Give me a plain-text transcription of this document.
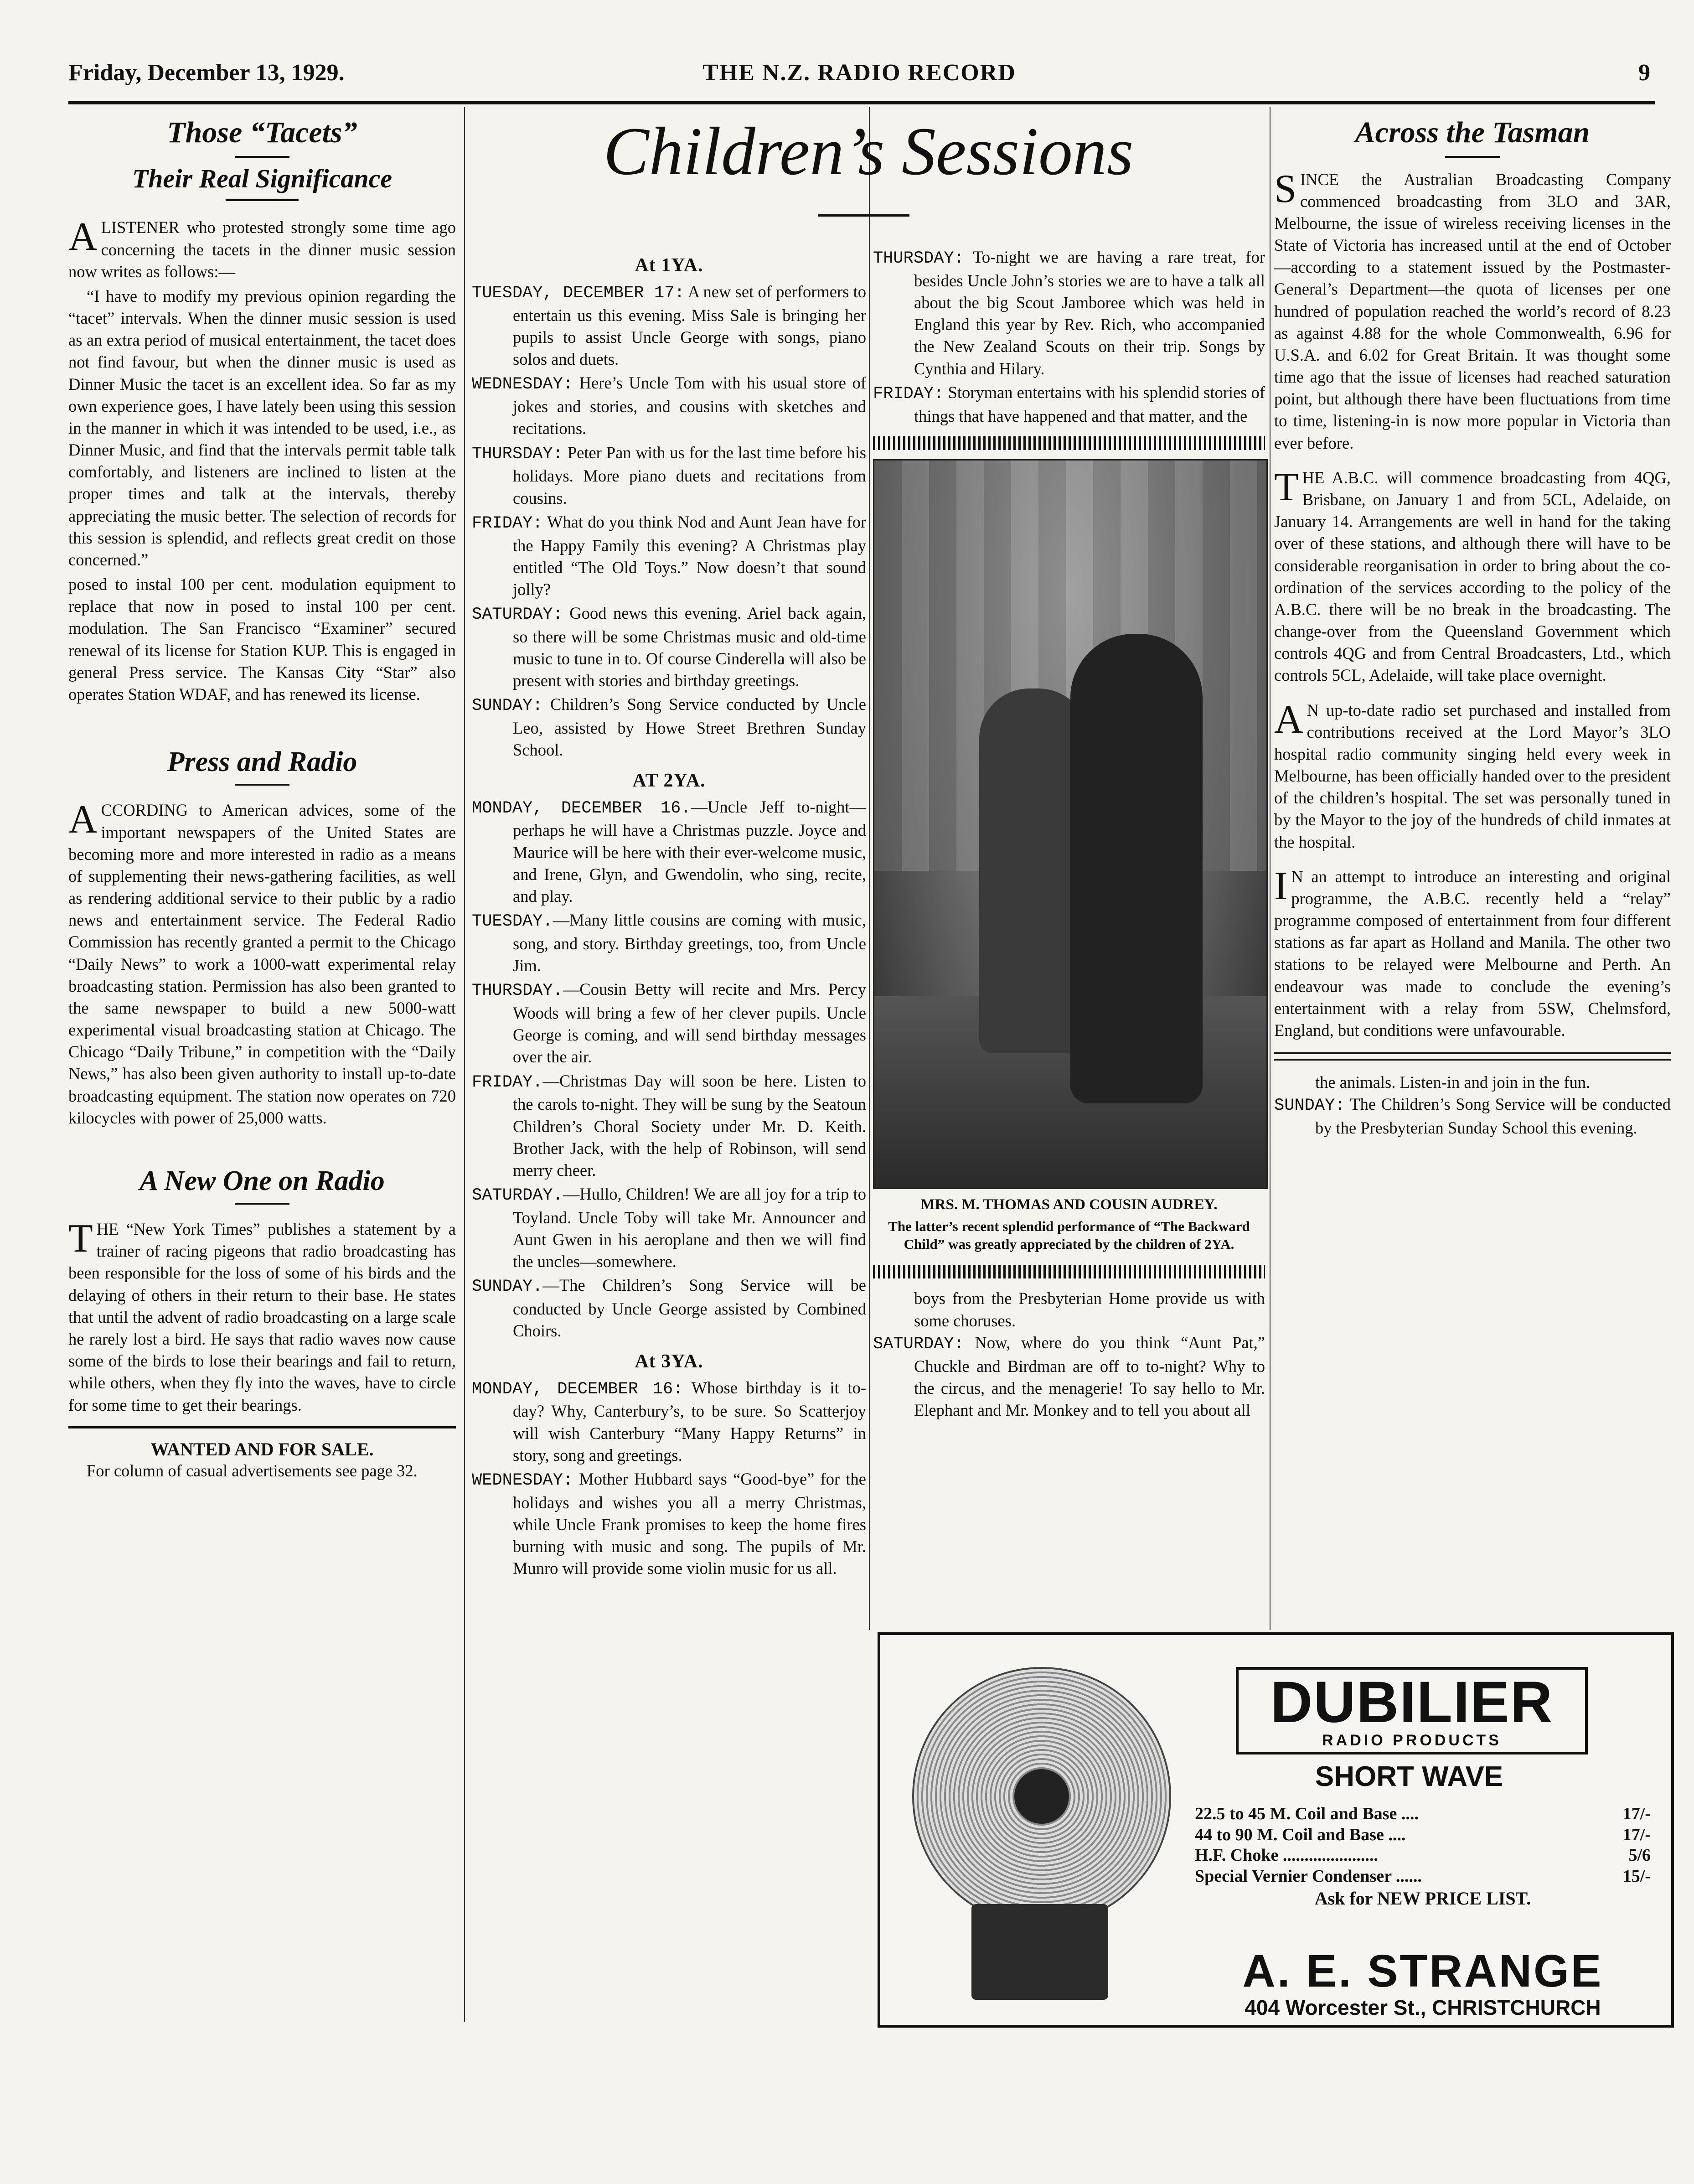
Friday, December 13, 1929.	THE N.Z. RADIO RECORD	9
Those “Tacets”
Their Real Significance

ALISTENER who protested strongly some time ago concerning the tacets in the dinner music session now writes as follows:—

“I have to modify my previous opinion regarding the “tacet” intervals. When the dinner music session is used as an extra period of musical entertainment, the tacet does not find favour, but when the dinner music is used as Dinner Music the tacet is an excellent idea. So far as my own experience goes, I have lately been using this session in the manner in which it was intended to be used, i.e., as Dinner Music, and find that the intervals permit table talk comfortably, and listeners are inclined to listen at the proper times and talk at the intervals, thereby appreciating the music better. The selection of records for this session is splendid, and reflects great credit on those concerned.”

posed to instal 100 per cent. modulation equipment to replace that now in posed to instal 100 per cent. modulation. The San Francisco “Examiner” secured renewal of its license for Station KUP. This is engaged in general Press service. The Kansas City “Star” also operates Station WDAF, and has renewed its license.

Press and Radio

ACCORDING to American advices, some of the important newspapers of the United States are becoming more and more interested in radio as a means of supplementing their news-gathering facilities, as well as rendering additional service to their public by a radio news and entertainment service. The Federal Radio Commission has recently granted a permit to the Chicago “Daily News” to work a 1000-watt experimental relay broadcasting station. Permission has also been granted to the same newspaper to build a new 5000-watt experimental visual broadcasting station at Chicago. The Chicago “Daily Tribune,” in competition with the “Daily News,” has also been given authority to install up-to-date broadcasting equipment. The station now operates on 720 kilocycles with power of 25,000 watts.

A New One on Radio

THE “New York Times” publishes a statement by a trainer of racing pigeons that radio broadcasting has been responsible for the loss of some of his birds and the delaying of others in their return to their base. He states that until the advent of radio broadcasting on a large scale he rarely lost a bird. He says that radio waves now cause some of the birds to lose their bearings and fail to return, while others, when they fly into the waves, have to circle for some time to get their bearings.

WANTED AND FOR SALE.

For column of casual advertisements see page 32.

Children’s Sessions
At 1YA.

TUESDAY, DECEMBER 17: A new set of performers to entertain us this evening. Miss Sale is bringing her pupils to assist Uncle George with songs, piano solos and duets.

WEDNESDAY: Here’s Uncle Tom with his usual store of jokes and stories, and cousins with sketches and recitations.

THURSDAY: Peter Pan with us for the last time before his holidays. More piano duets and recitations from cousins.

FRIDAY: What do you think Nod and Aunt Jean have for the Happy Family this evening? A Christmas play entitled “The Old Toys.” Now doesn’t that sound jolly?

SATURDAY: Good news this evening. Ariel back again, so there will be some Christmas music and old-time music to tune in to. Of course Cinderella will also be present with stories and birthday greetings.

SUNDAY: Children’s Song Service conducted by Uncle Leo, assisted by Howe Street Brethren Sunday School.

AT 2YA.

MONDAY, DECEMBER 16.—Uncle Jeff to-night—perhaps he will have a Christmas puzzle. Joyce and Maurice will be here with their ever-welcome music, and Irene, Glyn, and Gwendolin, who sing, recite, and play.

TUESDAY.—Many little cousins are coming with music, song, and story. Birthday greetings, too, from Uncle Jim.

THURSDAY.—Cousin Betty will recite and Mrs. Percy Woods will bring a few of her clever pupils. Uncle George is coming, and will send birthday messages over the air.

FRIDAY.—Christmas Day will soon be here. Listen to the carols to-night. They will be sung by the Seatoun Children’s Choral Society under Mr. D. Keith. Brother Jack, with the help of Robinson, will send merry cheer.

SATURDAY.—Hullo, Children! We are all joy for a trip to Toyland. Uncle Toby will take Mr. Announcer and Aunt Gwen in his aeroplane and then we will find the uncles—somewhere.

SUNDAY.—The Children’s Song Service will be conducted by Uncle George assisted by Combined Choirs.

At 3YA.

MONDAY, DECEMBER 16: Whose birthday is it to-day? Why, Canterbury’s, to be sure. So Scatterjoy will wish Canterbury “Many Happy Returns” in story, song and greetings.

WEDNESDAY: Mother Hubbard says “Good-bye” for the holidays and wishes you all a merry Christmas, while Uncle Frank promises to keep the home fires burning with music and song. The pupils of Mr. Munro will provide some violin music for us all.

THURSDAY: To-night we are having a rare treat, for besides Uncle John’s stories we are to have a talk all about the big Scout Jamboree which was held in England this year by Rev. Rich, who accompanied the New Zealand Scouts on their trip. Songs by Cynthia and Hilary.

FRIDAY: Storyman entertains with his splendid stories of things that have happened and that matter, and the

MRS. M. THOMAS AND COUSIN AUDREY.
The latter’s recent splendid performance of “The Backward Child” was greatly appreciated by the children of 2YA.

boys from the Presbyterian Home provide us with some choruses.

SATURDAY: Now, where do you think “Aunt Pat,” Chuckle and Birdman are off to to-night? Why to the circus, and the menagerie! To say hello to Mr. Elephant and Mr. Monkey and to tell you about all

Across the Tasman

SINCE the Australian Broadcasting Company commenced broadcasting from 3LO and 3AR, Melbourne, the issue of wireless receiving licenses in the State of Victoria has increased until at the end of October—according to a statement issued by the Postmaster-General’s Department—the quota of licenses per one hundred of population reached the world’s record of 8.23 as against 4.88 for the whole Commonwealth, 6.96 for U.S.A. and 6.02 for Great Britain. It was thought some time ago that the issue of licenses had reached saturation point, but although there have been fluctuations from time to time, listening-in is now more popular in Victoria than ever before.

THE A.B.C. will commence broadcasting from 4QG, Brisbane, on January 1 and from 5CL, Adelaide, on January 14. Arrangements are well in hand for the taking over of these stations, and although there will have to be considerable reorganisation in order to bring about the co-ordination of the services according to the policy of the A.B.C. there will be no break in the broadcasting. The change-over from the Queensland Government which controls 4QG and from Central Broadcasters, Ltd., which controls 5CL, Adelaide, will take place overnight.

A N up-to-date radio set purchased and installed from contributions received at the Lord Mayor’s 3LO hospital radio community singing held every week in Melbourne, has been officially handed over to the president of the children’s hospital. The set was personally tuned in by the Mayor to the joy of the hundreds of child inmates at the hospital.

I N an attempt to introduce an interesting and original programme, the A.B.C. recently held a “relay” programme composed of entertainment from four different stations as far apart as Holland and Manila. The other two stations to be relayed were Melbourne and Perth. An endeavour was made to conclude the evening’s entertainment with a relay from 5SW, Chelmsford, England, but conditions were unfavourable.

the animals. Listen-in and join in the fun.

SUNDAY: The Children’s Song Service will be conducted by the Presbyterian Sunday School this evening.

DUBILIER
RADIO PRODUCTS
SHORT WAVE
22.5 to 45 M. Coil and Base ....	17/-
44 to 90 M. Coil and Base ....	17/-
H.F. Choke ......................	5/6
Special Vernier Condenser ......	15/-
Ask for NEW PRICE LIST.
A. E. STRANGE
404 Worcester St., CHRISTCHURCH
